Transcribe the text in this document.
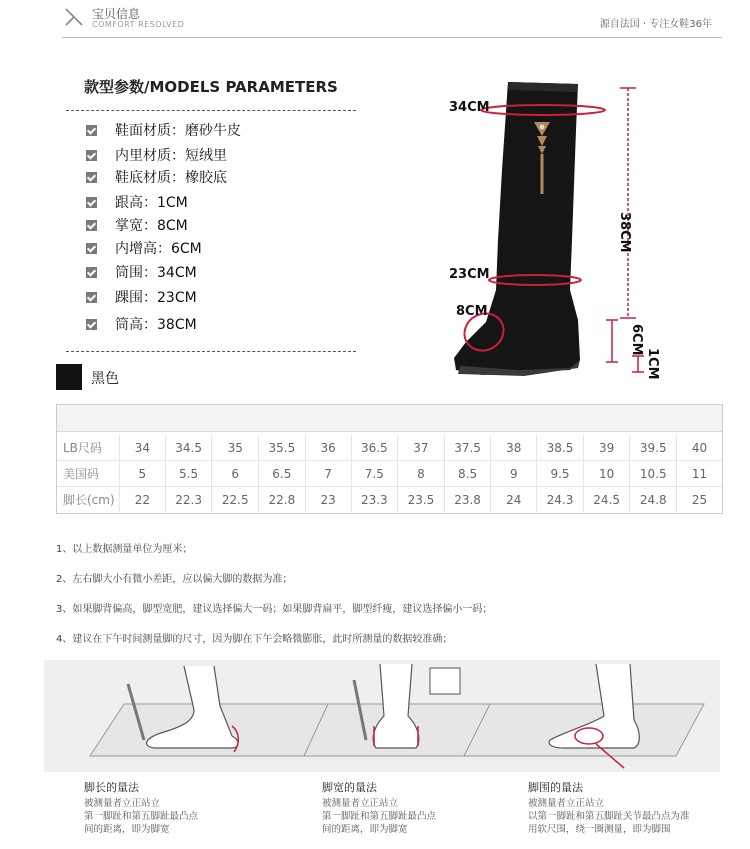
宝贝信息
COMFORT RESOLVED	源自法国 · 专注女鞋36年
款型参数/MODELS PARAMETERS
鞋面材质：磨砂牛皮
内里材质：短绒里
鞋底材质：橡胶底
跟高：1CM
掌宽：8CM
内增高：6CM
筒围：34CM
踝围：23CM
筒高：38CM
黑色
34CM
23CM
8CM
38CM
6CM
1CM
LB尺码	34	34.5	35	35.5	36	36.5	37	37.5	38	38.5	39	39.5	40
美国码	5	5.5	6	6.5	7	7.5	8	8.5	9	9.5	10	10.5	11
脚长(cm)	22	22.3	22.5	22.8	23	23.3	23.5	23.8	24	24.3	24.5	24.8	25
1、以上数据测量单位为厘米；
2、左右脚大小有微小差距，应以偏大脚的数据为准；
3、如果脚背偏高，脚型宽肥，建议选择偏大一码；如果脚背扁平，脚型纤瘦，建议选择偏小一码；
4、建议在下午时间测量脚的尺寸，因为脚在下午会略微膨胀，此时所测量的数据较准确；
脚长的量法
被测量者立正站立
第一脚趾和第五脚趾最凸点
间的距离，即为脚宽
脚宽的量法
被测量者立正站立
第一脚趾和第五脚趾最凸点
间的距离，即为脚宽
脚围的量法
被测量者立正站立
以第一脚趾和第五脚趾关节最凸点为准
用软尺围，绕一圈测量，即为脚围
